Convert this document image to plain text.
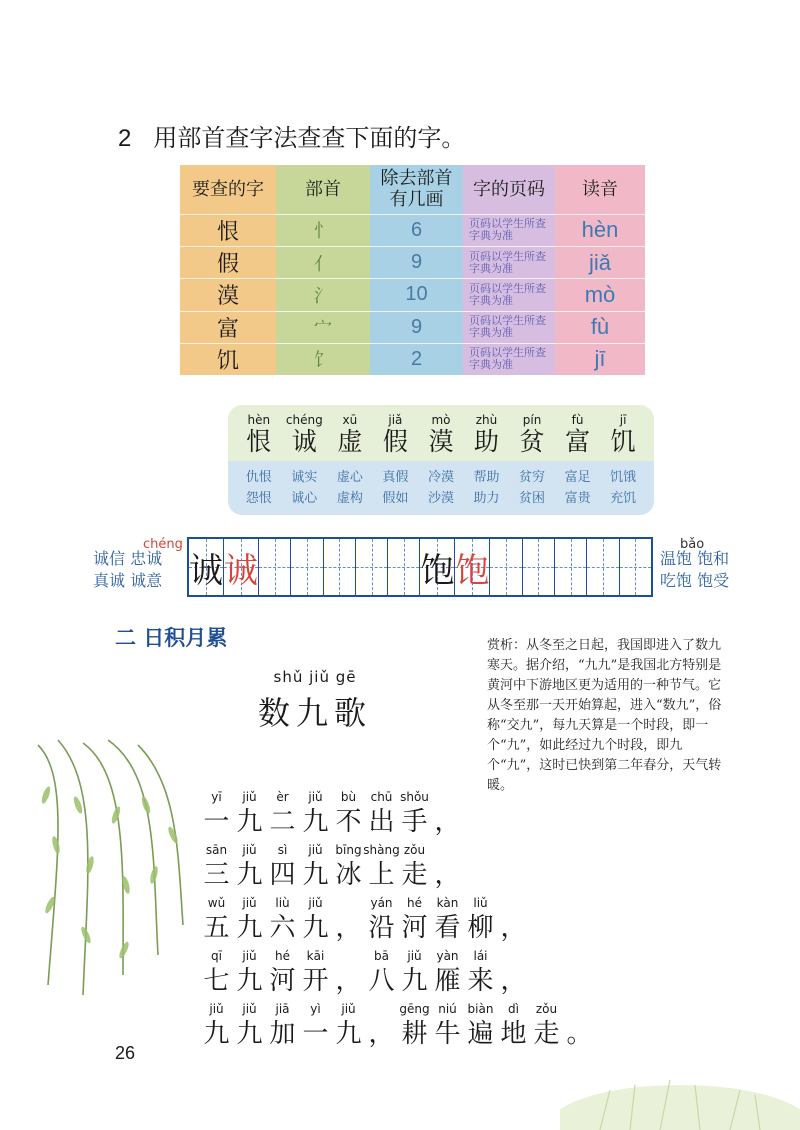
2 用部首查字法查查下面的字。
要查的字
恨
假
漠
富
饥
部首
忄
亻
氵
宀
饣
除去部首有几画
6
9
10
9
2
字的页码
页码以学生所查字典为准
页码以学生所查字典为准
页码以学生所查字典为准
页码以学生所查字典为准
页码以学生所查字典为准
读音
hèn
jiǎ
mò
fù
jī
hèn
恨
chéng
诚
xū
虚
jiǎ
假
mò
漠
zhù
助
pín
贫
fù
富
jī
饥
仇恨
怨恨
诚实
诚心
虚心
虚构
真假
假如
冷漠
沙漠
帮助
助力
贫穷
贫困
富足
富贵
饥饿
充饥
chéng
诚信 忠诚
真诚 诚意 诚 诚	饱 饱
bǎo
温饱 饱和
吃饱 饱受
二 日积月累	赏析：从冬至之日起，我国即进入了数九寒天。据介绍，“九九”是我国北方特别是黄河中下游地区更为适用的一种节气。它从冬至那一天开始算起，进入“数九”，俗称“交九”，每九天算是一个时段，即一个“九”，如此经过九个时段，即九个“九”，这时已快到第二年春分，天气转暖。
shǔ jiǔ gē
数九歌
yī
一
jiǔ
九
èr
二
jiǔ
九
bù
不
chū
出
shǒu
手 ，
sān
三
jiǔ
九
sì
四
jiǔ
九
bīng
冰
shàng
上
zǒu
走 ，
wǔ
五
jiǔ
九
liù
六
jiǔ
九 ，
yán
沿
hé
河
kàn
看
liǔ
柳 ，
qī
七
jiǔ
九
hé
河
kāi
开 ，
bā
八
jiǔ
九
yàn
雁
lái
来 ，
jiǔ
九
jiǔ
九
jiā
加
yì
一
jiǔ
九 ，
gēng
耕
niú
牛
biàn
遍
dì
地
zǒu
走 。
26
